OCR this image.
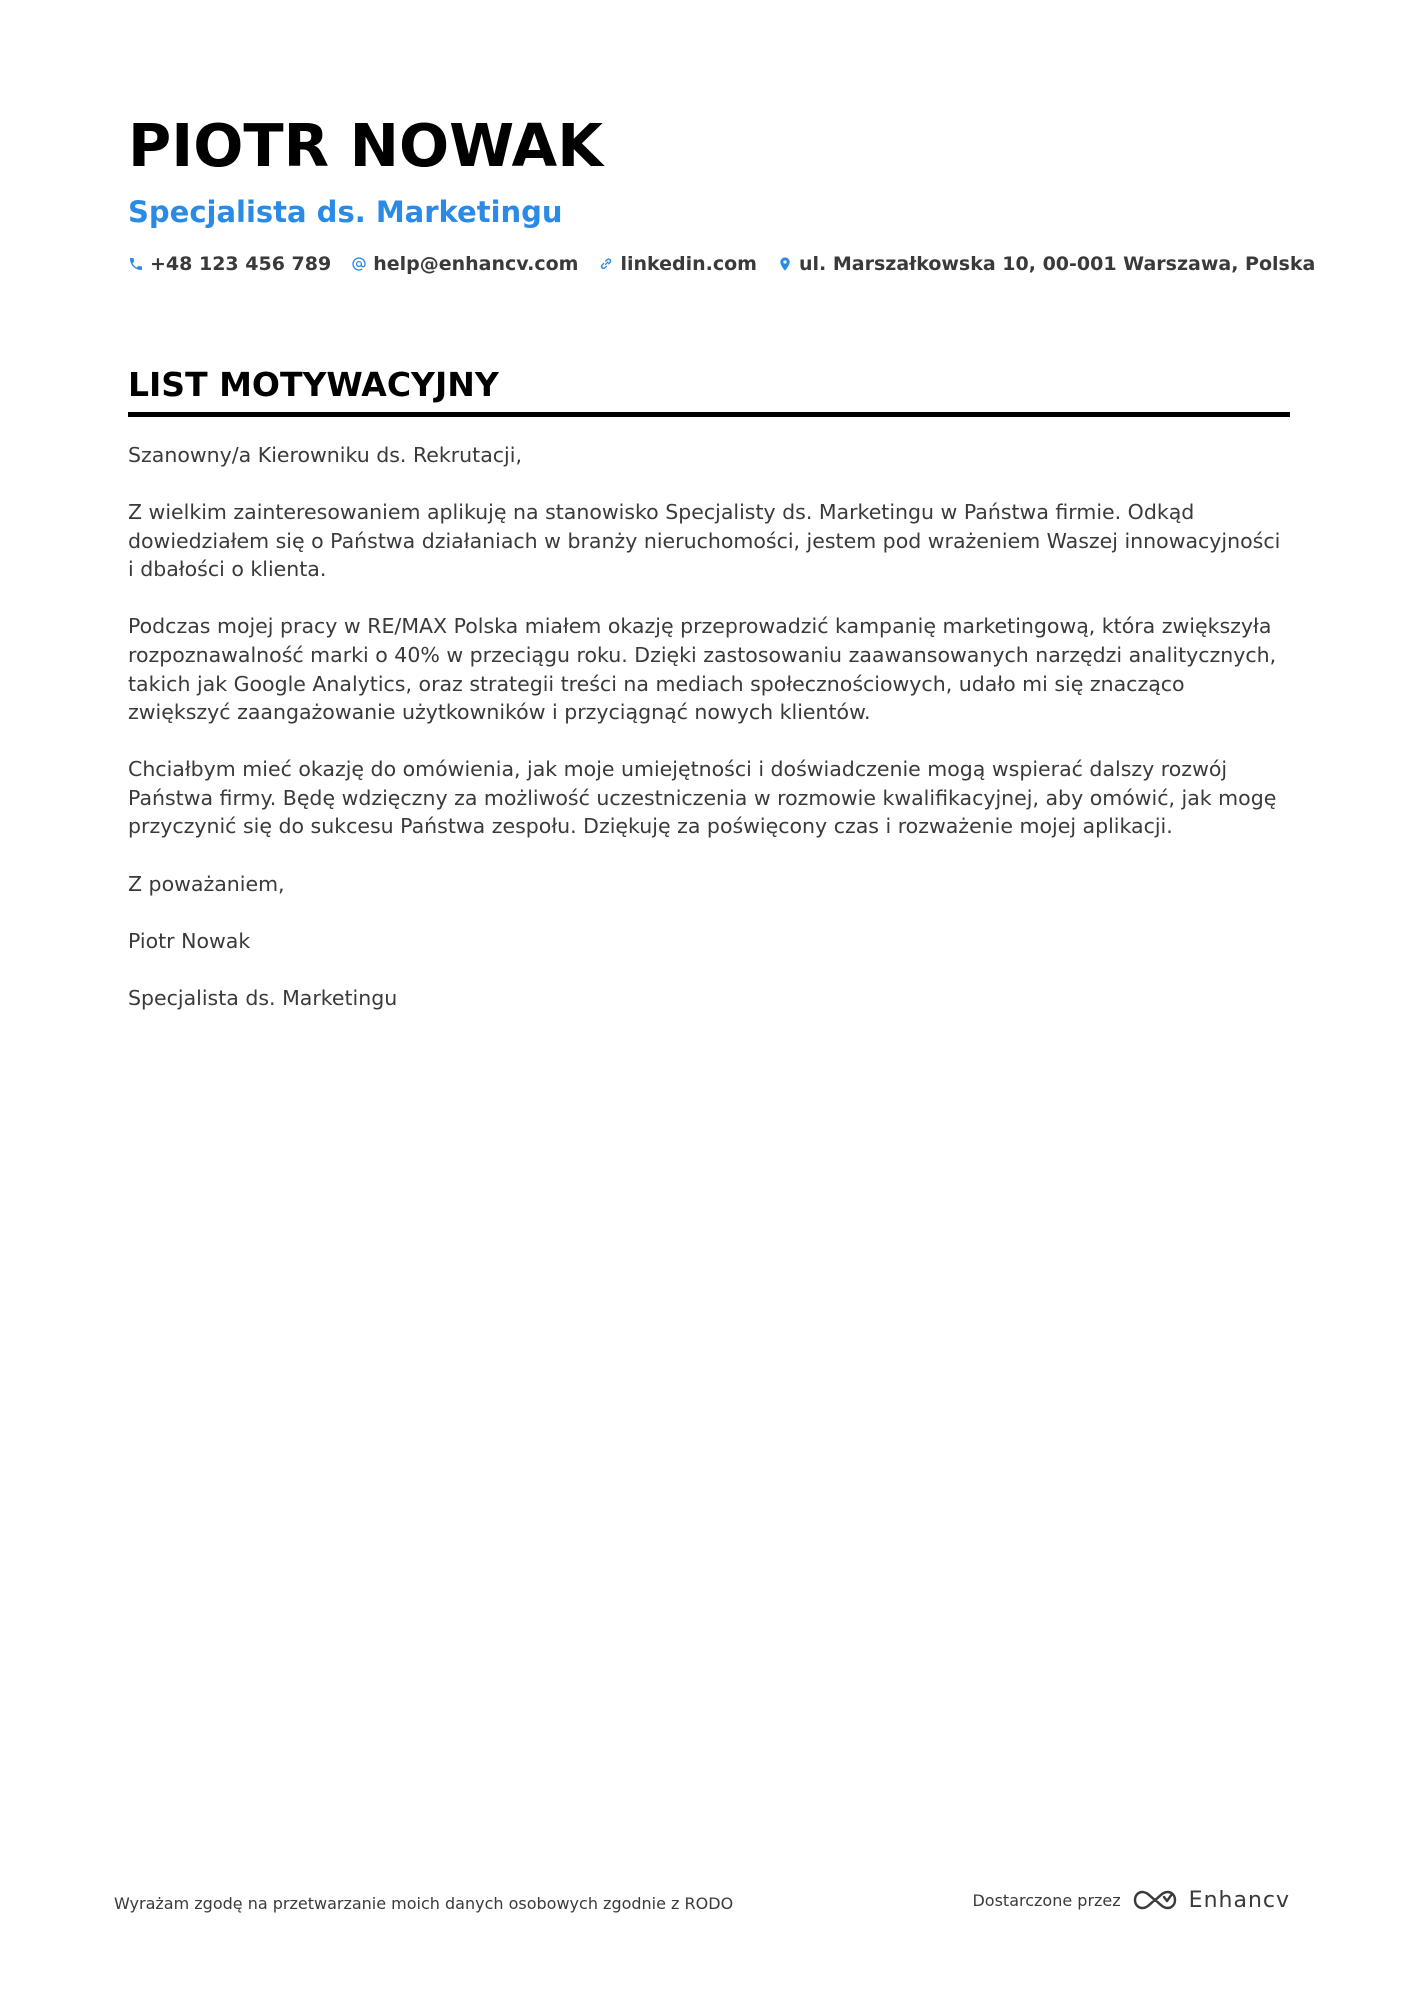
PIOTR NOWAK
Specjalista ds. Marketingu
+48 123 456 789 help@enhancv.com linkedin.com ul. Marszałkowska 10, 00-001 Warszawa, Polska
LIST MOTYWACYJNY

Szanowny/a Kierowniku ds. Rekrutacji,

Z wielkim zainteresowaniem aplikuję na stanowisko Specjalisty ds. Marketingu w Państwa firmie. Odkąd dowiedziałem się o Państwa działaniach w branży nieruchomości, jestem pod wrażeniem Waszej innowacyjności i dbałości o klienta.

Podczas mojej pracy w RE/MAX Polska miałem okazję przeprowadzić kampanię marketingową, która zwiększyła rozpoznawalność marki o 40% w przeciągu roku. Dzięki zastosowaniu zaawansowanych narzędzi analitycznych, takich jak Google Analytics, oraz strategii treści na mediach społecznościowych, udało mi się znacząco zwiększyć zaangażowanie użytkowników i przyciągnąć nowych klientów.

Chciałbym mieć okazję do omówienia, jak moje umiejętności i doświadczenie mogą wspierać dalszy rozwój Państwa firmy. Będę wdzięczny za możliwość uczestniczenia w rozmowie kwalifikacyjnej, aby omówić, jak mogę przyczynić się do sukcesu Państwa zespołu. Dziękuję za poświęcony czas i rozważenie mojej aplikacji.

Z poważaniem,

Piotr Nowak

Specjalista ds. Marketingu

Wyrażam zgodę na przetwarzanie moich danych osobowych zgodnie z RODO	Dostarczone przez	Enhancv
